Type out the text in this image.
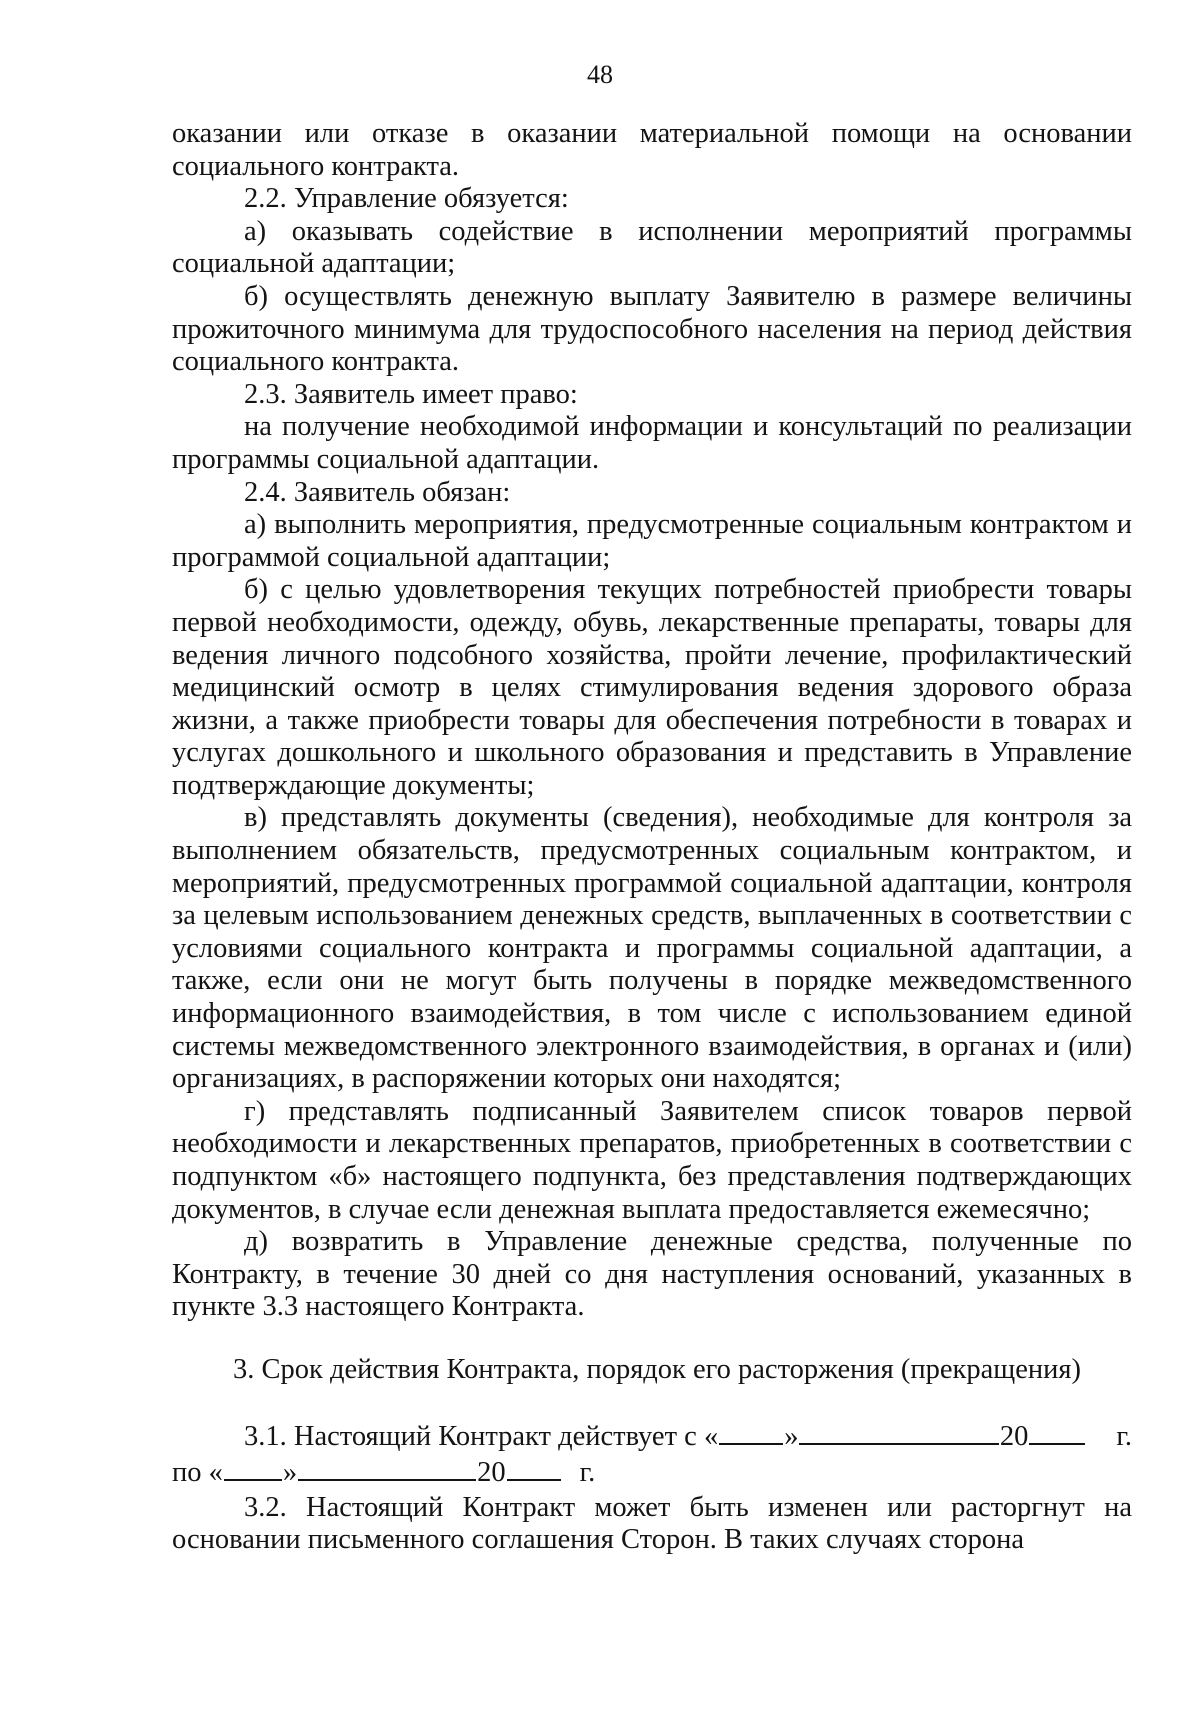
48

оказании или отказе в оказании материальной помощи на основании социального контракта.

2.2. Управление обязуется:

а) оказывать содействие в исполнении мероприятий программы социальной адаптации;

б) осуществлять денежную выплату Заявителю в размере величины прожиточного минимума для трудоспособного населения на период действия социального контракта.

2.3. Заявитель имеет право:

на получение необходимой информации и консультаций по реализации программы социальной адаптации.

2.4. Заявитель обязан:

а) выполнить мероприятия, предусмотренные социальным контрактом и программой социальной адаптации;

б) с целью удовлетворения текущих потребностей приобрести товары первой необходимости, одежду, обувь, лекарственные препараты, товары для ведения личного подсобного хозяйства, пройти лечение, профилактический медицинский осмотр в целях стимулирования ведения здорового образа жизни, а также приобрести товары для обеспечения потребности в товарах и услугах дошкольного и школьного образования и представить в Управление подтверждающие документы;

в) представлять документы (сведения), необходимые для контроля за выполнением обязательств, предусмотренных социальным контрактом, и мероприятий, предусмотренных программой социальной адаптации, контроля за целевым использованием денежных средств, выплаченных в соответствии с условиями социального контракта и программы социальной адаптации, а также, если они не могут быть получены в порядке межведомственного информационного взаимодействия, в том числе с использованием единой системы межведомственного электронного взаимодействия, в органах и (или) организациях, в распоряжении которых они находятся;

г) представлять подписанный Заявителем список товаров первой необходимости и лекарственных препаратов, приобретенных в соответствии с подпунктом «б» настоящего подпункта, без представления подтверждающих документов, в случае если денежная выплата предоставляется ежемесячно;

д) возвратить в Управление денежные средства, полученные по Контракту, в течение 30 дней со дня наступления оснований, указанных в пункте 3.3 настоящего Контракта.

3. Срок действия Контракта, порядок его расторжения (прекращения)

3.1. Настоящий Контракт действует с « »	20	г.
по « »	20	г.

3.2. Настоящий Контракт может быть изменен или расторгнут на основании письменного соглашения Сторон. В таких случаях сторона
